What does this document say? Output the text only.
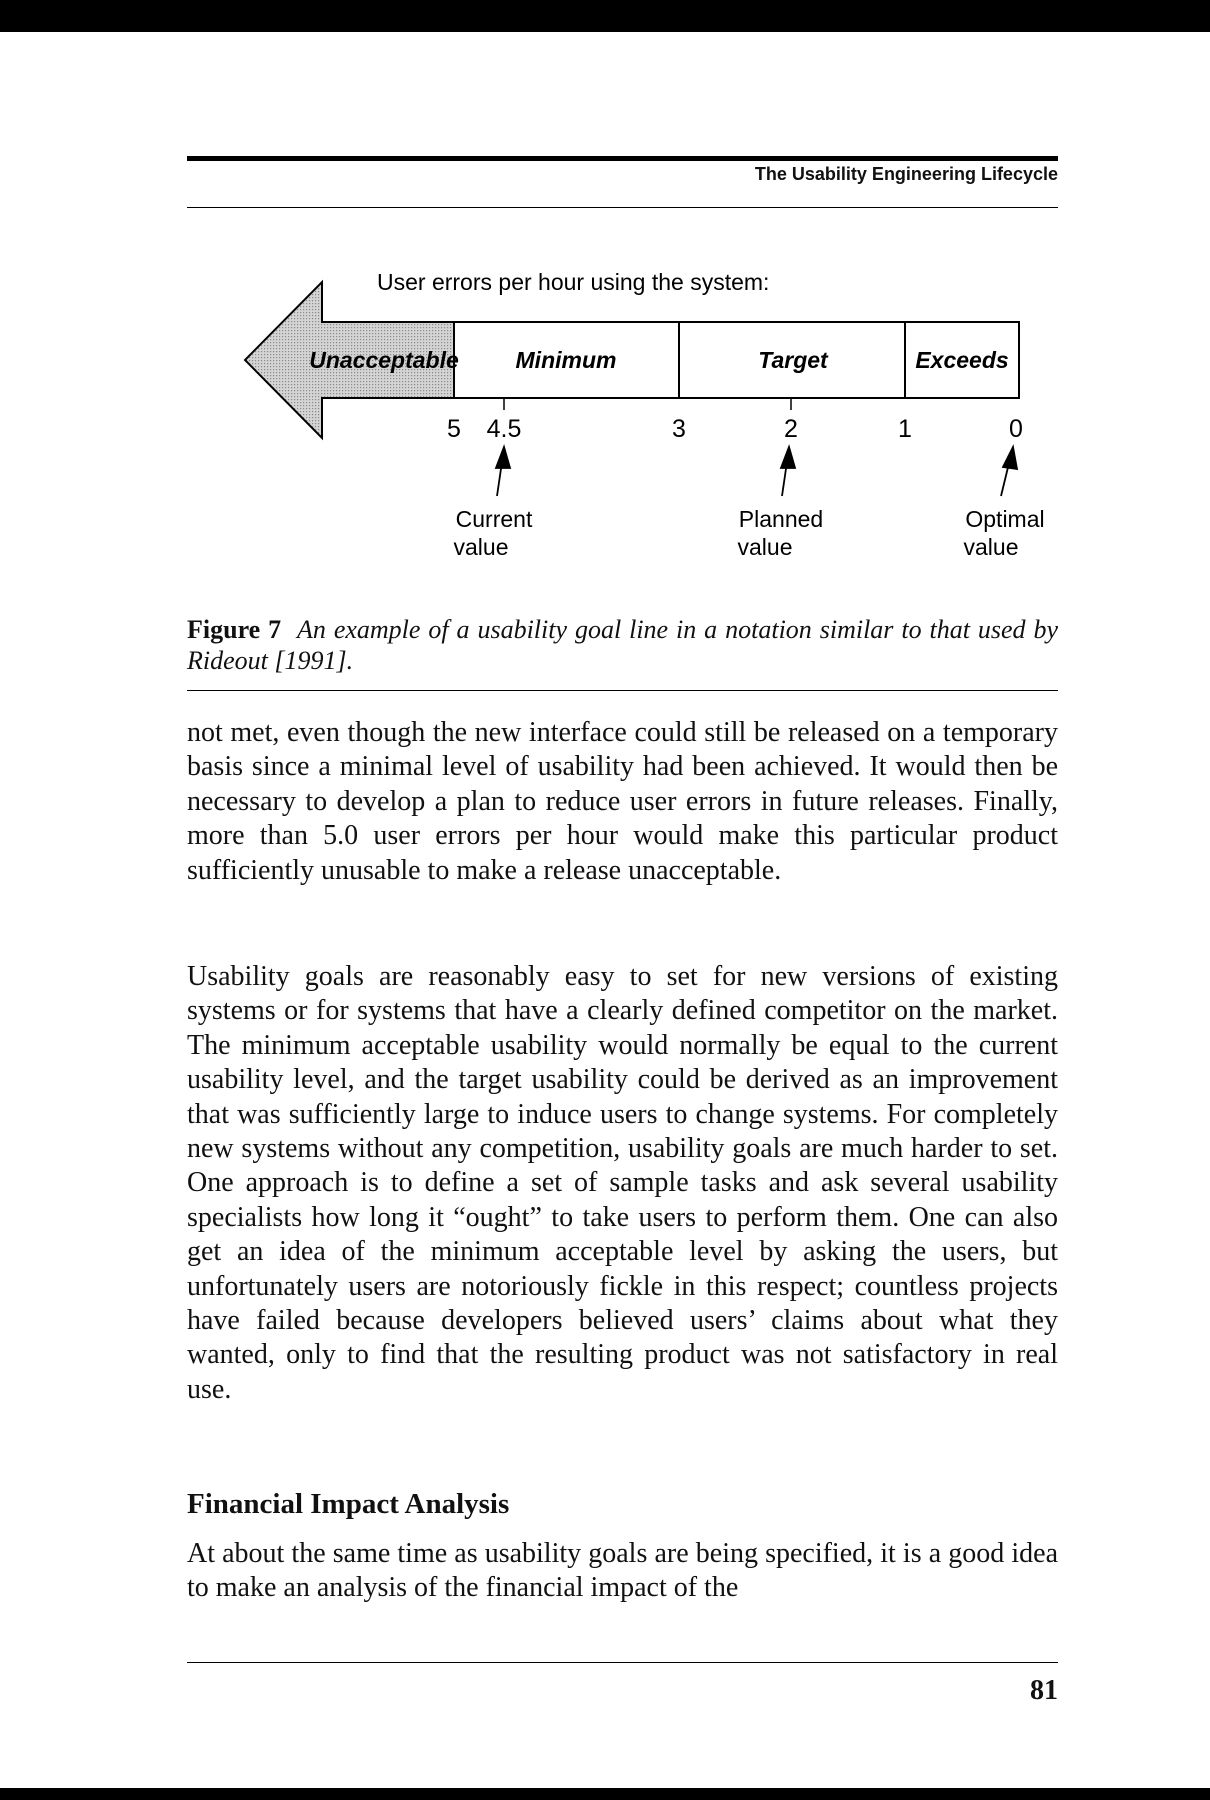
The Usability Engineering Lifecycle
User errors per hour using the system:
Unacceptable Minimum	Target	Exceeds
5 4.5	3	2	1	0
Current
value
Planned
value
Optimal
value
Figure 7 An example of a usability goal line in a notation similar to that used by Rideout [1991].
not met, even though the new interface could still be released on a temporary basis since a minimal level of usability had been achieved. It would then be necessary to develop a plan to reduce user errors in future releases. Finally, more than 5.0 user errors per hour would make this particular product sufficiently unusable to make a release unacceptable.
Usability goals are reasonably easy to set for new versions of existing systems or for systems that have a clearly defined competitor on the market. The minimum acceptable usability would normally be equal to the current usability level, and the target usability could be derived as an improvement that was sufficiently large to induce users to change systems. For completely new systems without any competition, usability goals are much harder to set. One approach is to define a set of sample tasks and ask several usability specialists how long it “ought” to take users to perform them. One can also get an idea of the minimum acceptable level by asking the users, but unfortunately users are notoriously fickle in this respect; countless projects have failed because developers believed users’ claims about what they wanted, only to find that the resulting product was not satisfactory in real use.
Financial Impact Analysis
At about the same time as usability goals are being specified, it is a good idea to make an analysis of the financial impact of the
81
